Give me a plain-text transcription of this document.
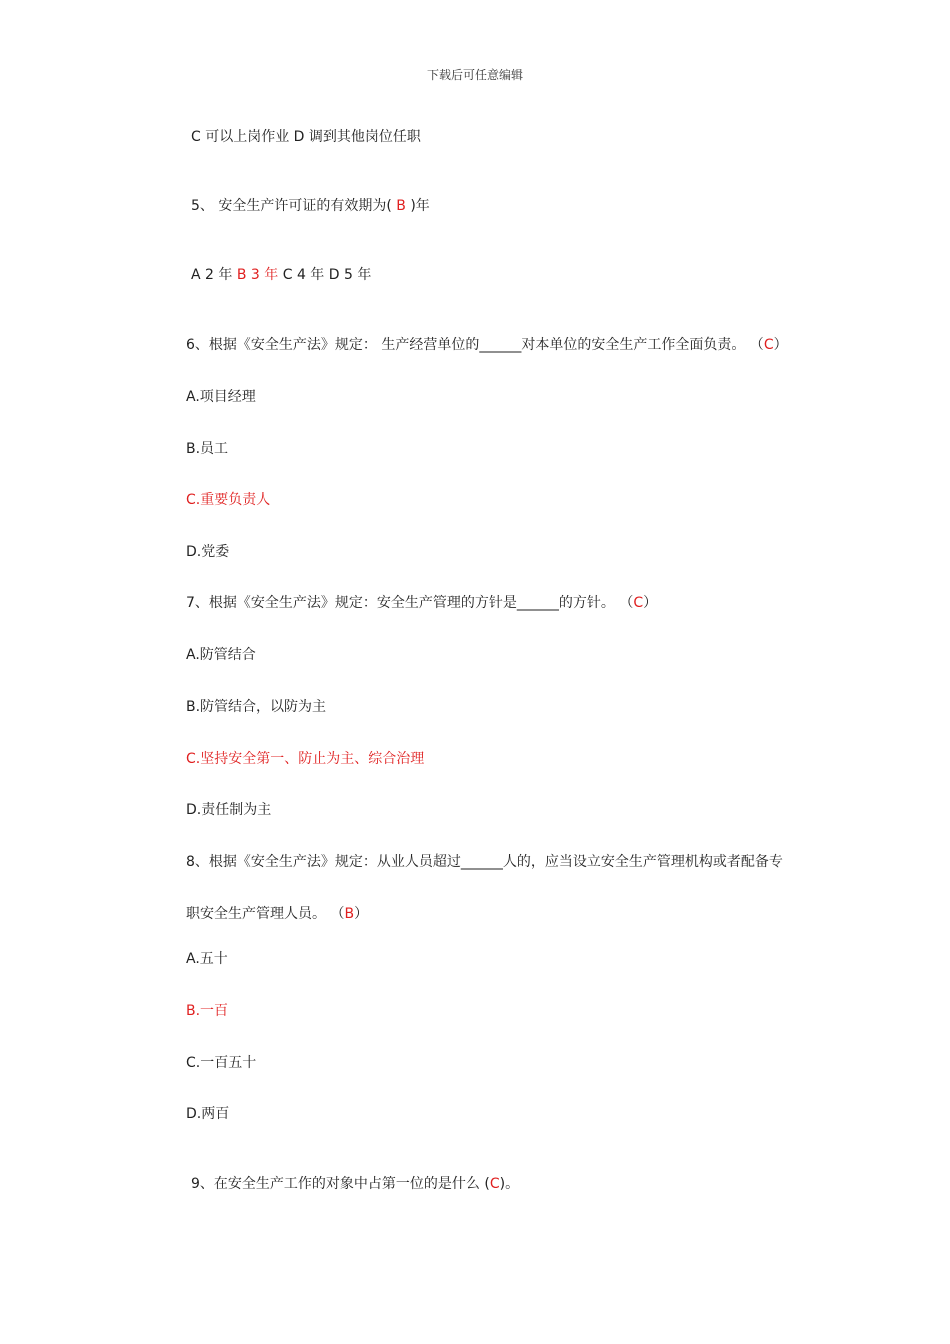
下载后可任意编辑
C 可以上岗作业 D 调到其他岗位任职
5、 安全生产许可证的有效期为( B )年
A 2 年 B 3 年 C 4 年 D 5 年
6、根据《安全生产法》规定： 生产经营单位的______对本单位的安全生产工作全面负责。 （C）
A.项目经理
B.员工
C.重要负责人
D.党委
7、根据《安全生产法》规定：安全生产管理的方针是______的方针。 （C）
A.防管结合
B.防管结合，以防为主
C.坚持安全第一、防止为主、综合治理
D.责任制为主
8、根据《安全生产法》规定：从业人员超过______人的，应当设立安全生产管理机构或者配备专
职安全生产管理人员。 （B）
A.五十
B.一百
C.一百五十
D.两百
9、在安全生产工作的对象中占第一位的是什么 (C)。
